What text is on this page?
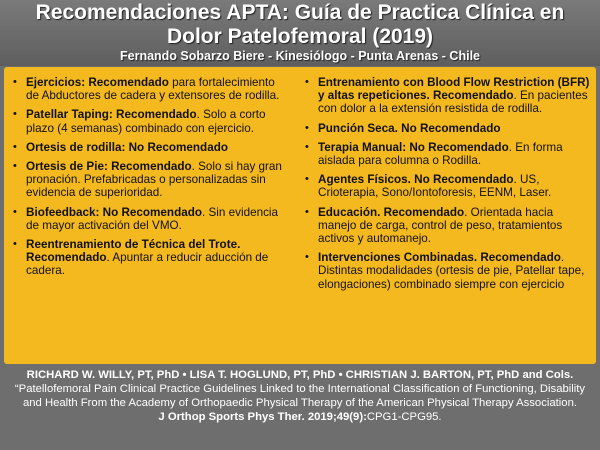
Recomendaciones APTA: Guía de Practica Clínica en

Dolor Patelofemoral (2019)

Fernando Sobarzo Biere - Kinesiólogo - Punta Arenas - Chile

• Ejercicios: Recomendado para fortalecimiento de Abductores de cadera y extensores de rodilla.
• Patellar Taping: Recomendado. Solo a corto plazo (4 semanas) combinado con ejercicio.
• Ortesis de rodilla: No Recomendado
• Ortesis de Pie: Recomendado. Solo si hay gran pronación. Prefabricadas o personalizadas sin evidencia de superioridad.
• Biofeedback: No Recomendado. Sin evidencia de mayor activación del VMO.
• Reentrenamiento de Técnica del Trote. Recomendado. Apuntar a reducir aducción de cadera.
• Entrenamiento con Blood Flow Restriction (BFR) y altas repeticiones. Recomendado. En pacientes con dolor a la extensión resistida de rodilla.
• Punción Seca. No Recomendado
• Terapia Manual: No Recomendado. En forma aislada para columna o Rodilla.
• Agentes Físicos. No Recomendado. US, Crioterapia, Sono/Iontoforesis, EENM, Laser.
• Educación. Recomendado. Orientada hacia manejo de carga, control de peso, tratamientos activos y automanejo.
• Intervenciones Combinadas. Recomendado. Distintas modalidades (ortesis de pie, Patellar tape, elongaciones) combinado siempre con ejercicio

RICHARD W. WILLY, PT, PhD • LISA T. HOGLUND, PT, PhD • CHRISTIAN J. BARTON, PT, PhD and Cols. “Patellofemoral Pain Clinical Practice Guidelines Linked to the International Classification of Functioning, Disability and Health From the Academy of Orthopaedic Physical Therapy of the American Physical Therapy Association.

J Orthop Sports Phys Ther. 2019;49(9):CPG1-CPG95.
